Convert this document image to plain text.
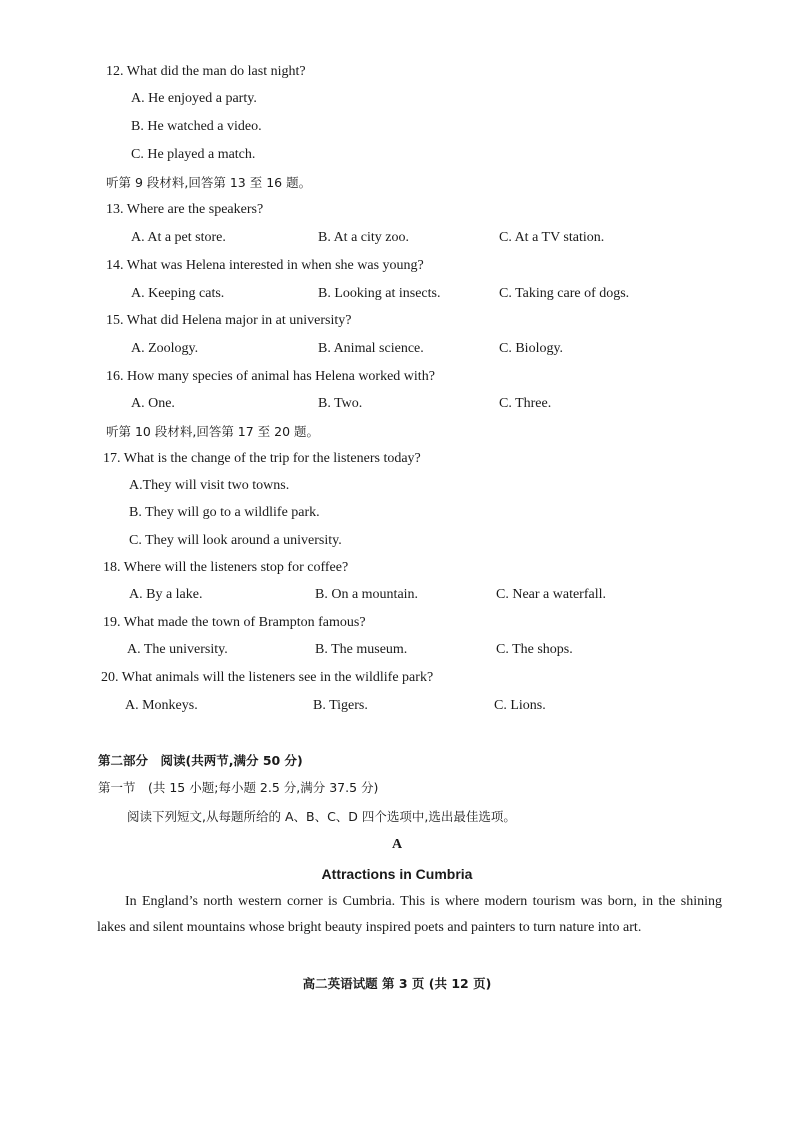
12. What did the man do last night?
A. He enjoyed a party.
B. He watched a video.
C. He played a match.
听第 9 段材料,回答第 13 至 16 题。
13. Where are the speakers?
A. At a pet store.	B. At a city zoo.	C. At a TV station.
14. What was Helena interested in when she was young?
A. Keeping cats.	B. Looking at insects.	C. Taking care of dogs.
15. What did Helena major in at university?
A. Zoology.	B. Animal science.	C. Biology.
16. How many species of animal has Helena worked with?
A. One.	B. Two.	C. Three.
听第 10 段材料,回答第 17 至 20 题。
17. What is the change of the trip for the listeners today?
A.They will visit two towns.
B. They will go to a wildlife park.
C. They will look around a university.
18. Where will the listeners stop for coffee?
A. By a lake.	B. On a mountain.	C. Near a waterfall.
19. What made the town of Brampton famous?
A. The university.	B. The museum.	C. The shops.
20. What animals will the listeners see in the wildlife park?
A. Monkeys.	B. Tigers.	C. Lions.
第二部分　阅读(共两节,满分 50 分)
第一节　(共 15 小题;每小题 2.5 分,满分 37.5 分)
阅读下列短文,从每题所给的 A、B、C、D 四个选项中,选出最佳选项。
A
Attractions in Cumbria
In England’s north western corner is Cumbria. This is where modern tourism was born, in the shining lakes and silent mountains whose bright beauty inspired poets and painters to turn nature into art.
高二英语试题 第 3 页 (共 12 页)
